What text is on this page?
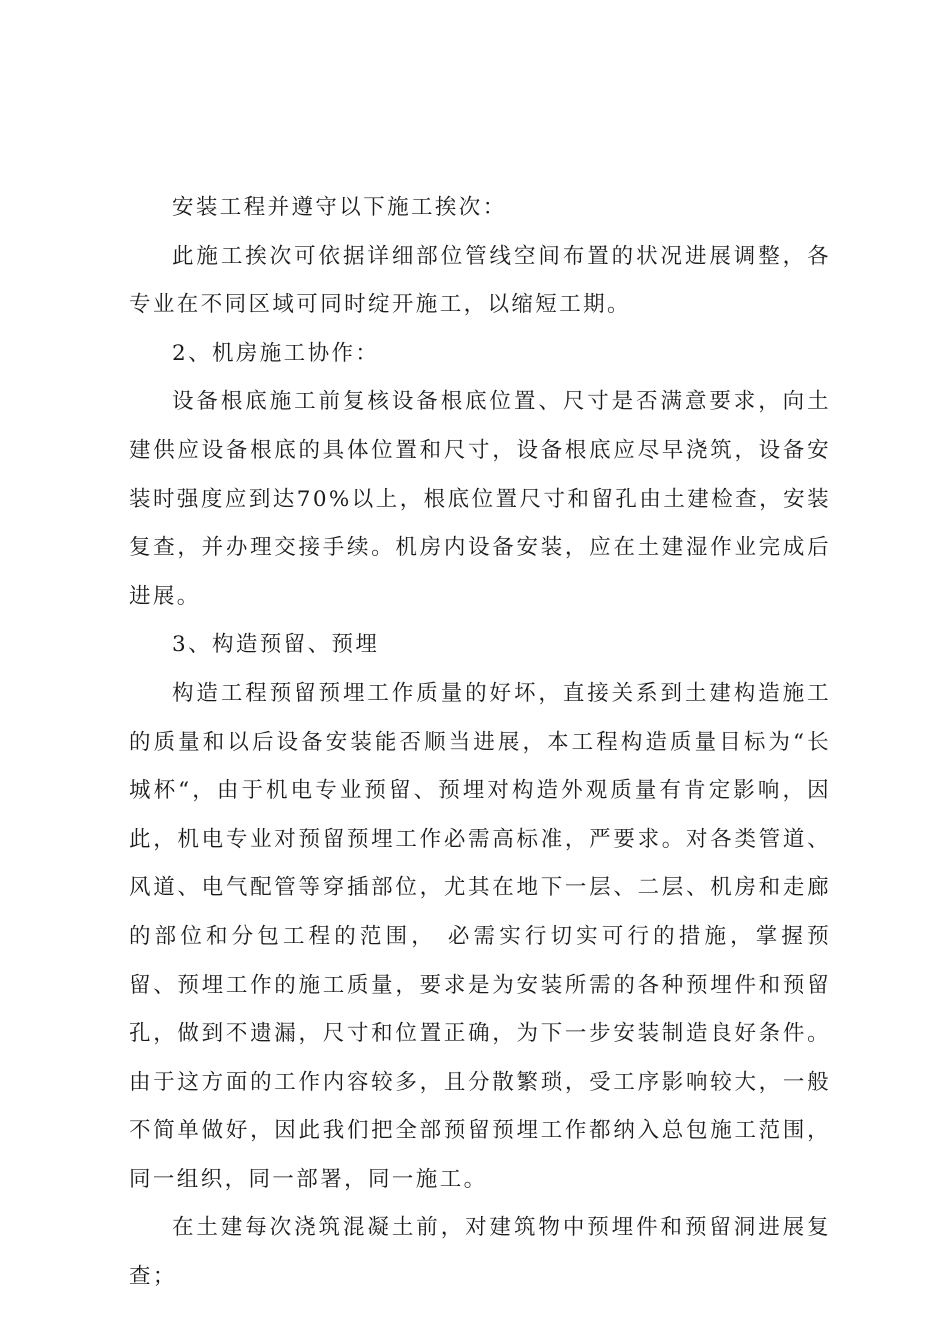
安装工程并遵守以下施工挨次：

此施工挨次可依据详细部位管线空间布置的状况进展调整，各专业在不同区域可同时绽开施工，以缩短工期。

2、机房施工协作：

设备根底施工前复核设备根底位置、尺寸是否满意要求，向土建供应设备根底的具体位置和尺寸，设备根底应尽早浇筑，设备安装时强度应到达70%以上，根底位置尺寸和留孔由土建检查，安装复查，并办理交接手续。机房内设备安装，应在土建湿作业完成后进展。

3、构造预留、预埋

构造工程预留预埋工作质量的好坏，直接关系到土建构造施工的质量和以后设备安装能否顺当进展，本工程构造质量目标为“长城杯“，由于机电专业预留、预埋对构造外观质量有肯定影响，因此，机电专业对预留预埋工作必需高标准，严要求。对各类管道、风道、电气配管等穿插部位，尤其在地下一层、二层、机房和走廊的部位和分包工程的范围， 必需实行切实可行的措施，掌握预留、预埋工作的施工质量，要求是为安装所需的各种预埋件和预留孔，做到不遗漏，尺寸和位置正确，为下一步安装制造良好条件。由于这方面的工作内容较多，且分散繁琐，受工序影响较大，一般不简单做好，因此我们把全部预留预埋工作都纳入总包施工范围，同一组织，同一部署，同一施工。

在土建每次浇筑混凝土前，对建筑物中预埋件和预留洞进展复查；
